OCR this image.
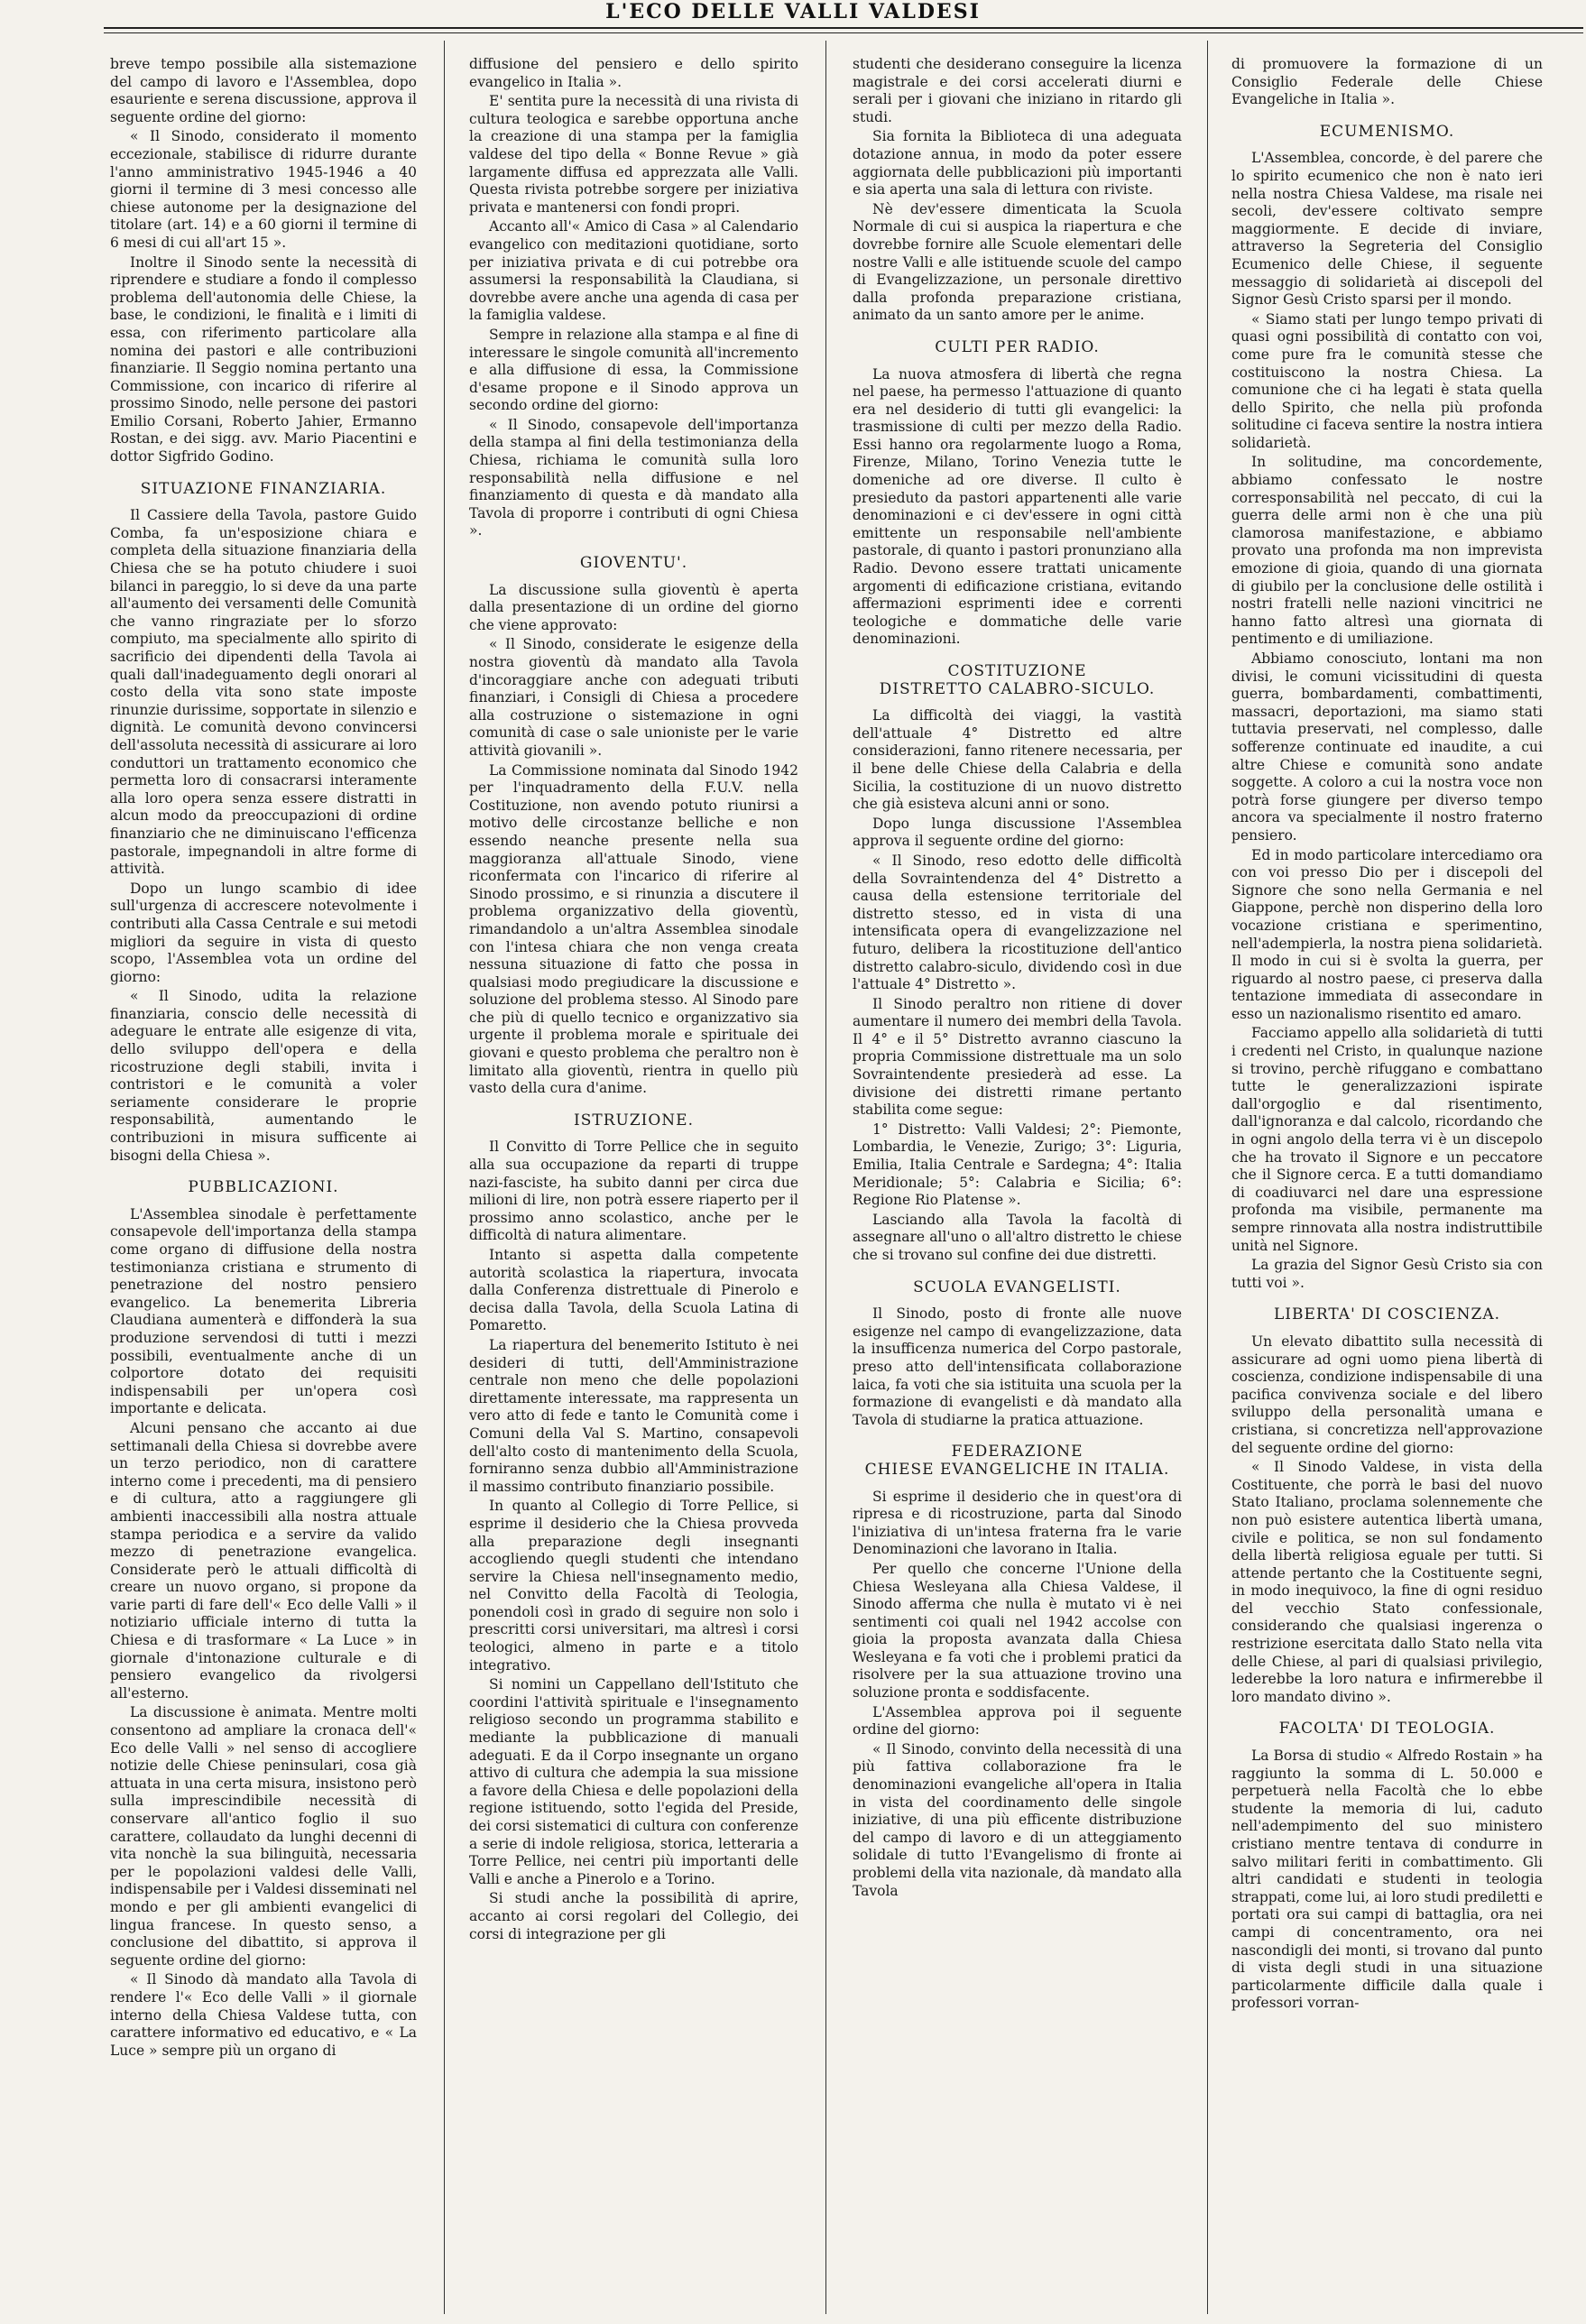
L'ECO DELLE VALLI VALDESI

breve tempo possibile alla sistemazione del campo di lavoro e l'Assemblea, dopo esauriente e serena discussione, approva il seguente ordine del giorno:

« Il Sinodo, considerato il momento eccezionale, stabilisce di ridurre durante l'anno amministrativo 1945-1946 a 40 giorni il termine di 3 mesi concesso alle chiese autonome per la designazione del titolare (art. 14) e a 60 giorni il termine di 6 mesi di cui all'art 15 ».

Inoltre il Sinodo sente la necessità di riprendere e studiare a fondo il complesso problema dell'autonomia delle Chiese, la base, le condizioni, le finalità e i limiti di essa, con riferimento particolare alla nomina dei pastori e alle contribuzioni finanziarie. Il Seggio nomina pertanto una Commissione, con incarico di riferire al prossimo Sinodo, nelle persone dei pastori Emilio Corsani, Roberto Jahier, Ermanno Rostan, e dei sigg. avv. Mario Piacentini e dottor Sigfrido Godino.

SITUAZIONE FINANZIARIA.

Il Cassiere della Tavola, pastore Guido Comba, fa un'esposizione chiara e completa della situazione finanziaria della Chiesa che se ha potuto chiudere i suoi bilanci in pareggio, lo si deve da una parte all'aumento dei versamenti delle Comunità che vanno ringraziate per lo sforzo compiuto, ma specialmente allo spirito di sacrificio dei dipendenti della Tavola ai quali dall'inadeguamento degli onorari al costo della vita sono state imposte rinunzie durissime, sopportate in silenzio e dignità. Le comunità devono convincersi dell'assoluta necessità di assicurare ai loro conduttori un trattamento economico che permetta loro di consacrarsi interamente alla loro opera senza essere distratti in alcun modo da preoccupazioni di ordine finanziario che ne diminuiscano l'efficenza pastorale, impegnandoli in altre forme di attività.

Dopo un lungo scambio di idee sull'urgenza di accrescere notevolmente i contributi alla Cassa Centrale e sui metodi migliori da seguire in vista di questo scopo, l'Assemblea vota un ordine del giorno:

« Il Sinodo, udita la relazione finanziaria, conscio delle necessità di adeguare le entrate alle esigenze di vita, dello sviluppo dell'opera e della ricostruzione degli stabili, invita i contristori e le comunità a voler seriamente considerare le proprie responsabilità, aumentando le contribuzioni in misura sufficente ai bisogni della Chiesa ».

PUBBLICAZIONI.

L'Assemblea sinodale è perfettamente consapevole dell'importanza della stampa come organo di diffusione della nostra testimonianza cristiana e strumento di penetrazione del nostro pensiero evangelico. La benemerita Libreria Claudiana aumenterà e diffonderà la sua produzione servendosi di tutti i mezzi possibili, eventualmente anche di un colportore dotato dei requisiti indispensabili per un'opera così importante e delicata.

Alcuni pensano che accanto ai due settimanali della Chiesa si dovrebbe avere un terzo periodico, non di carattere interno come i precedenti, ma di pensiero e di cultura, atto a raggiungere gli ambienti inaccessibili alla nostra attuale stampa periodica e a servire da valido mezzo di penetrazione evangelica. Considerate però le attuali difficoltà di creare un nuovo organo, si propone da varie parti di fare dell'« Eco delle Valli » il notiziario ufficiale interno di tutta la Chiesa e di trasformare « La Luce » in giornale d'intonazione culturale e di pensiero evangelico da rivolgersi all'esterno.

La discussione è animata. Mentre molti consentono ad ampliare la cronaca dell'« Eco delle Valli » nel senso di accogliere notizie delle Chiese peninsulari, cosa già attuata in una certa misura, insistono però sulla imprescindibile necessità di conservare all'antico foglio il suo carattere, collaudato da lunghi decenni di vita nonchè la sua bilinguità, necessaria per le popolazioni valdesi delle Valli, indispensabile per i Valdesi disseminati nel mondo e per gli ambienti evangelici di lingua francese. In questo senso, a conclusione del dibattito, si approva il seguente ordine del giorno:

« Il Sinodo dà mandato alla Tavola di rendere l'« Eco delle Valli » il giornale interno della Chiesa Valdese tutta, con carattere informativo ed educativo, e « La Luce » sempre più un organo di

diffusione del pensiero e dello spirito evangelico in Italia ».

E' sentita pure la necessità di una rivista di cultura teologica e sarebbe opportuna anche la creazione di una stampa per la famiglia valdese del tipo della « Bonne Revue » già largamente diffusa ed apprezzata alle Valli. Questa rivista potrebbe sorgere per iniziativa privata e mantenersi con fondi propri.

Accanto all'« Amico di Casa » al Calendario evangelico con meditazioni quotidiane, sorto per iniziativa privata e di cui potrebbe ora assumersi la responsabilità la Claudiana, si dovrebbe avere anche una agenda di casa per la famiglia valdese.

Sempre in relazione alla stampa e al fine di interessare le singole comunità all'incremento e alla diffusione di essa, la Commissione d'esame propone e il Sinodo approva un secondo ordine del giorno:

« Il Sinodo, consapevole dell'importanza della stampa al fini della testimonianza della Chiesa, richiama le comunità sulla loro responsabilità nella diffusione e nel finanziamento di questa e dà mandato alla Tavola di proporre i contributi di ogni Chiesa ».

GIOVENTU'.

La discussione sulla gioventù è aperta dalla presentazione di un ordine del giorno che viene approvato:

« Il Sinodo, considerate le esigenze della nostra gioventù dà mandato alla Tavola d'incoraggiare anche con adeguati tributi finanziari, i Consigli di Chiesa a procedere alla costruzione o sistemazione in ogni comunità di case o sale unioniste per le varie attività giovanili ».

La Commissione nominata dal Sinodo 1942 per l'inquadramento della F.U.V. nella Costituzione, non avendo potuto riunirsi a motivo delle circostanze belliche e non essendo neanche presente nella sua maggioranza all'attuale Sinodo, viene riconfermata con l'incarico di riferire al Sinodo prossimo, e si rinunzia a discutere il problema organizzativo della gioventù, rimandandolo a un'altra Assemblea sinodale con l'intesa chiara che non venga creata nessuna situazione di fatto che possa in qualsiasi modo pregiudicare la discussione e soluzione del problema stesso. Al Sinodo pare che più di quello tecnico e organizzativo sia urgente il problema morale e spirituale dei giovani e questo problema che peraltro non è limitato alla gioventù, rientra in quello più vasto della cura d'anime.

ISTRUZIONE.

Il Convitto di Torre Pellice che in seguito alla sua occupazione da reparti di truppe nazi-fasciste, ha subito danni per circa due milioni di lire, non potrà essere riaperto per il prossimo anno scolastico, anche per le difficoltà di natura alimentare.

Intanto si aspetta dalla competente autorità scolastica la riapertura, invocata dalla Conferenza distrettuale di Pinerolo e decisa dalla Tavola, della Scuola Latina di Pomaretto.

La riapertura del benemerito Istituto è nei desideri di tutti, dell'Amministrazione centrale non meno che delle popolazioni direttamente interessate, ma rappresenta un vero atto di fede e tanto le Comunità come i Comuni della Val S. Martino, consapevoli dell'alto costo di mantenimento della Scuola, forniranno senza dubbio all'Amministrazione il massimo contributo finanziario possibile.

In quanto al Collegio di Torre Pellice, si esprime il desiderio che la Chiesa provveda alla preparazione degli insegnanti accogliendo quegli studenti che intendano servire la Chiesa nell'insegnamento medio, nel Convitto della Facoltà di Teologia, ponendoli così in grado di seguire non solo i prescritti corsi universitari, ma altresì i corsi teologici, almeno in parte e a titolo integrativo.

Si nomini un Cappellano dell'Istituto che coordini l'attività spirituale e l'insegnamento religioso secondo un programma stabilito e mediante la pubblicazione di manuali adeguati. E da il Corpo insegnante un organo attivo di cultura che adempia la sua missione a favore della Chiesa e delle popolazioni della regione istituendo, sotto l'egida del Preside, dei corsi sistematici di cultura con conferenze a serie di indole religiosa, storica, letteraria a Torre Pellice, nei centri più importanti delle Valli e anche a Pinerolo e a Torino.

Si studi anche la possibilità di aprire, accanto ai corsi regolari del Collegio, dei corsi di integrazione per gli

studenti che desiderano conseguire la licenza magistrale e dei corsi accelerati diurni e serali per i giovani che iniziano in ritardo gli studi.

Sia fornita la Biblioteca di una adeguata dotazione annua, in modo da poter essere aggiornata delle pubblicazioni più importanti e sia aperta una sala di lettura con riviste.

Nè dev'essere dimenticata la Scuola Normale di cui si auspica la riapertura e che dovrebbe fornire alle Scuole elementari delle nostre Valli e alle istituende scuole del campo di Evangelizzazione, un personale direttivo dalla profonda preparazione cristiana, animato da un santo amore per le anime.

CULTI PER RADIO.

La nuova atmosfera di libertà che regna nel paese, ha permesso l'attuazione di quanto era nel desiderio di tutti gli evangelici: la trasmissione di culti per mezzo della Radio. Essi hanno ora regolarmente luogo a Roma, Firenze, Milano, Torino Venezia tutte le domeniche ad ore diverse. Il culto è presieduto da pastori appartenenti alle varie denominazioni e ci dev'essere in ogni città emittente un responsabile nell'ambiente pastorale, di quanto i pastori pronunziano alla Radio. Devono essere trattati unicamente argomenti di edificazione cristiana, evitando affermazioni esprimenti idee e correnti teologiche e dommatiche delle varie denominazioni.

COSTITUZIONE
DISTRETTO CALABRO-SICULO.

La difficoltà dei viaggi, la vastità dell'attuale 4° Distretto ed altre considerazioni, fanno ritenere necessaria, per il bene delle Chiese della Calabria e della Sicilia, la costituzione di un nuovo distretto che già esisteva alcuni anni or sono.

Dopo lunga discussione l'Assemblea approva il seguente ordine del giorno:

« Il Sinodo, reso edotto delle difficoltà della Sovraintendenza del 4° Distretto a causa della estensione territoriale del distretto stesso, ed in vista di una intensificata opera di evangelizzazione nel futuro, delibera la ricostituzione dell'antico distretto calabro-siculo, dividendo così in due l'attuale 4° Distretto ».

Il Sinodo peraltro non ritiene di dover aumentare il numero dei membri della Tavola. Il 4° e il 5° Distretto avranno ciascuno la propria Commissione distrettuale ma un solo Sovraintendente presiederà ad esse. La divisione dei distretti rimane pertanto stabilita come segue:

1° Distretto: Valli Valdesi; 2°: Piemonte, Lombardia, le Venezie, Zurigo; 3°: Liguria, Emilia, Italia Centrale e Sardegna; 4°: Italia Meridionale; 5°: Calabria e Sicilia; 6°: Regione Rio Platense ».

Lasciando alla Tavola la facoltà di assegnare all'uno o all'altro distretto le chiese che si trovano sul confine dei due distretti.

SCUOLA EVANGELISTI.

Il Sinodo, posto di fronte alle nuove esigenze nel campo di evangelizzazione, data la insufficenza numerica del Corpo pastorale, preso atto dell'intensificata collaborazione laica, fa voti che sia istituita una scuola per la formazione di evangelisti e dà mandato alla Tavola di studiarne la pratica attuazione.

FEDERAZIONE
CHIESE EVANGELICHE IN ITALIA.

Si esprime il desiderio che in quest'ora di ripresa e di ricostruzione, parta dal Sinodo l'iniziativa di un'intesa fraterna fra le varie Denominazioni che lavorano in Italia.

Per quello che concerne l'Unione della Chiesa Wesleyana alla Chiesa Valdese, il Sinodo afferma che nulla è mutato vi è nei sentimenti coi quali nel 1942 accolse con gioia la proposta avanzata dalla Chiesa Wesleyana e fa voti che i problemi pratici da risolvere per la sua attuazione trovino una soluzione pronta e soddisfacente.

L'Assemblea approva poi il seguente ordine del giorno:

« Il Sinodo, convinto della necessità di una più fattiva collaborazione fra le denominazioni evangeliche all'opera in Italia in vista del coordinamento delle singole iniziative, di una più efficente distribuzione del campo di lavoro e di un atteggiamento solidale di tutto l'Evangelismo di fronte ai problemi della vita nazionale, dà mandato alla Tavola

di promuovere la formazione di un Consiglio Federale delle Chiese Evangeliche in Italia ».

ECUMENISMO.

L'Assemblea, concorde, è del parere che lo spirito ecumenico che non è nato ieri nella nostra Chiesa Valdese, ma risale nei secoli, dev'essere coltivato sempre maggiormente. E decide di inviare, attraverso la Segreteria del Consiglio Ecumenico delle Chiese, il seguente messaggio di solidarietà ai discepoli del Signor Gesù Cristo sparsi per il mondo.

« Siamo stati per lungo tempo privati di quasi ogni possibilità di contatto con voi, come pure fra le comunità stesse che costituiscono la nostra Chiesa. La comunione che ci ha legati è stata quella dello Spirito, che nella più profonda solitudine ci faceva sentire la nostra intiera solidarietà.

In solitudine, ma concordemente, abbiamo confessato le nostre corresponsabilità nel peccato, di cui la guerra delle armi non è che una più clamorosa manifestazione, e abbiamo provato una profonda ma non imprevista emozione di gioia, quando di una giornata di giubilo per la conclusione delle ostilità i nostri fratelli nelle nazioni vincitrici ne hanno fatto altresì una giornata di pentimento e di umiliazione.

Abbiamo conosciuto, lontani ma non divisi, le comuni vicissitudini di questa guerra, bombardamenti, combattimenti, massacri, deportazioni, ma siamo stati tuttavia preservati, nel complesso, dalle sofferenze continuate ed inaudite, a cui altre Chiese e comunità sono andate soggette. A coloro a cui la nostra voce non potrà forse giungere per diverso tempo ancora va specialmente il nostro fraterno pensiero.

Ed in modo particolare intercediamo ora con voi presso Dio per i discepoli del Signore che sono nella Germania e nel Giappone, perchè non disperino della loro vocazione cristiana e sperimentino, nell'adempierla, la nostra piena solidarietà. Il modo in cui si è svolta la guerra, per riguardo al nostro paese, ci preserva dalla tentazione immediata di assecondare in esso un nazionalismo risentito ed amaro.

Facciamo appello alla solidarietà di tutti i credenti nel Cristo, in qualunque nazione si trovino, perchè rifuggano e combattano tutte le generalizzazioni ispirate dall'orgoglio e dal risentimento, dall'ignoranza e dal calcolo, ricordando che in ogni angolo della terra vi è un discepolo che ha trovato il Signore e un peccatore che il Signore cerca. E a tutti domandiamo di coadiuvarci nel dare una espressione profonda ma visibile, permanente ma sempre rinnovata alla nostra indistruttibile unità nel Signore.

La grazia del Signor Gesù Cristo sia con tutti voi ».

LIBERTA' DI COSCIENZA.

Un elevato dibattito sulla necessità di assicurare ad ogni uomo piena libertà di coscienza, condizione indispensabile di una pacifica convivenza sociale e del libero sviluppo della personalità umana e cristiana, si concretizza nell'approvazione del seguente ordine del giorno:

« Il Sinodo Valdese, in vista della Costituente, che porrà le basi del nuovo Stato Italiano, proclama solennemente che non può esistere autentica libertà umana, civile e politica, se non sul fondamento della libertà religiosa eguale per tutti. Si attende pertanto che la Costituente segni, in modo inequivoco, la fine di ogni residuo del vecchio Stato confessionale, considerando che qualsiasi ingerenza o restrizione esercitata dallo Stato nella vita delle Chiese, al pari di qualsiasi privilegio, lederebbe la loro natura e infirmerebbe il loro mandato divino ».

FACOLTA' DI TEOLOGIA.

La Borsa di studio « Alfredo Rostain » ha raggiunto la somma di L. 50.000 e perpetuerà nella Facoltà che lo ebbe studente la memoria di lui, caduto nell'adempimento del suo ministero cristiano mentre tentava di condurre in salvo militari feriti in combattimento. Gli altri candidati e studenti in teologia strappati, come lui, ai loro studi prediletti e portati ora sui campi di battaglia, ora nei campi di concentramento, ora nei nascondigli dei monti, si trovano dal punto di vista degli studi in una situazione particolarmente difficile dalla quale i professori vorran-
